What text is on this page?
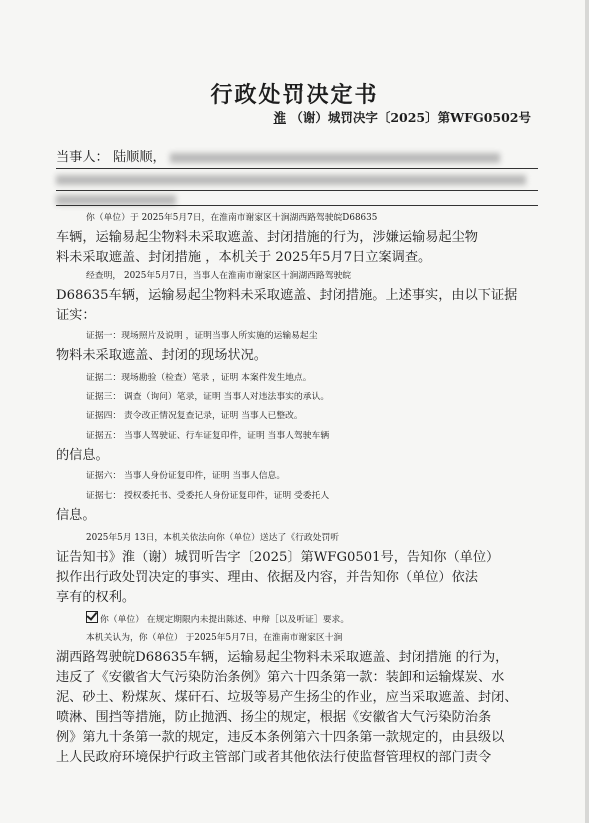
行政处罚决定书
淮 （谢）城罚决字〔2025〕第WFG0502号
当事人： 陆顺顺，
你（单位）于 2025年5月7日，在淮南市谢家区十涧湖西路驾驶皖D68635
车辆，运输易起尘物料未采取遮盖、封闭措施的行为，涉嫌运输易起尘物
料未采取遮盖、封闭措施 ，本机关于 2025年5月7日立案调查。
经查明， 2025年5月7日，当事人在淮南市谢家区十涧湖西路驾驶皖
D68635车辆，运输易起尘物料未采取遮盖、封闭措施。上述事实，由以下证据
证实：
证据一：现场照片及说明 ，证明当事人所实施的运输易起尘
物料未采取遮盖、封闭的现场状况。
证据二：现场勘验（检查）笔录 ，证明 本案件发生地点。
证据三： 调查（询问）笔录，证明 当事人对违法事实的承认。
证据四： 责令改正情况复查记录，证明 当事人已整改。
证据五： 当事人驾驶证、行车证复印件，证明 当事人驾驶车辆
的信息。
证据六： 当事人身份证复印件，证明 当事人信息。
证据七： 授权委托书、受委托人身份证复印件，证明 受委托人
信息。
2025年5月 13日，本机关依法向你（单位）送达了《行政处罚听
证告知书》淮（谢）城罚听告字〔2025〕第WFG0501号，告知你（单位）
拟作出行政处罚决定的事实、理由、依据及内容，并告知你（单位）依法
享有的权利。
你（单位） 在规定期限内未提出陈述、申辩［以及听证］要求。
本机关认为，你（单位） 于2025年5月7日，在淮南市谢家区十涧
湖西路驾驶皖D68635车辆，运输易起尘物料未采取遮盖、封闭措施 的行为，
违反了《安徽省大气污染防治条例》第六十四条第一款：装卸和运输煤炭、水
泥、砂土、粉煤灰、煤矸石、垃圾等易产生扬尘的作业，应当采取遮盖、封闭、
喷淋、围挡等措施，防止抛洒、扬尘的规定，根据《安徽省大气污染防治条
例》第九十条第一款的规定，违反本条例第六十四条第一款规定的，由县级以
上人民政府环境保护行政主管部门或者其他依法行使监督管理权的部门责令
